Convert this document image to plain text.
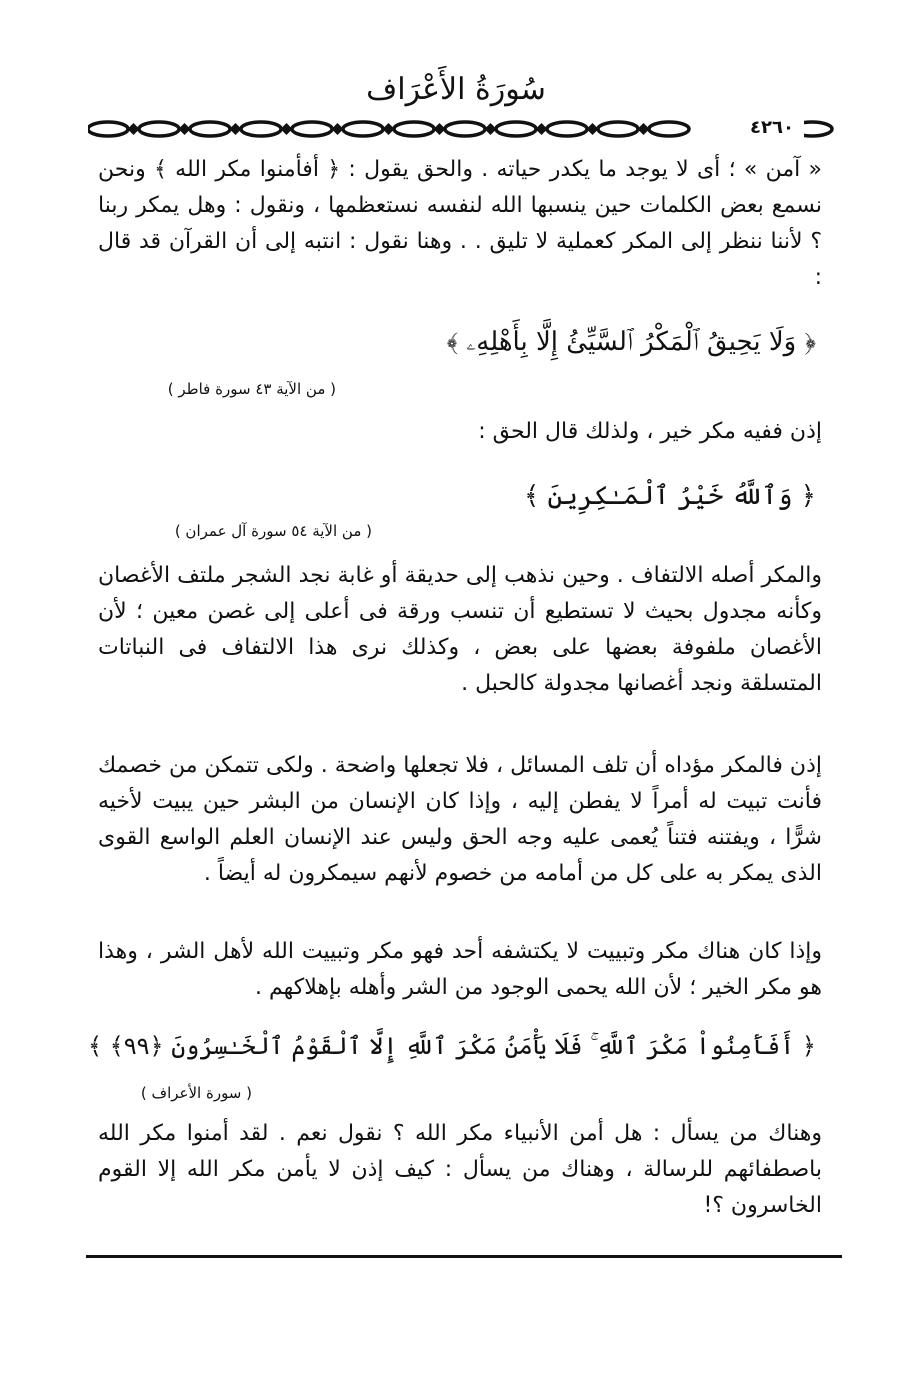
سُورَةُ الأَعْرَاف
٤٢٦٠
« آمن » ؛ أى لا يوجد ما يكدر حياته . والحق يقول : ﴿ أفأمنوا مكر الله ﴾ ونحن نسمع بعض الكلمات حين ينسبها الله لنفسه نستعظمها ، ونقول : وهل يمكر ربنا ؟ لأننا ننظر إلى المكر كعملية لا تليق . . وهنا نقول : انتبه إلى أن القرآن قد قال :
﴿ وَلَا يَحِيقُ ٱلْمَكْرُ ٱلسَّيِّئُ إِلَّا بِأَهْلِهِۦ ﴾
( من الآية ٤٣ سورة فاطر )
إذن ففيه مكر خير ، ولذلك قال الحق :
﴿ وَٱللَّهُ خَيْرُ ٱلْمَـٰكِرِينَ ﴾
( من الآية ٥٤ سورة آل عمران )
والمكر أصله الالتفاف . وحين نذهب إلى حديقة أو غابة نجد الشجر ملتف الأغصان وكأنه مجدول بحيث لا تستطيع أن تنسب ورقة فى أعلى إلى غصن معين ؛ لأن الأغصان ملفوفة بعضها على بعض ، وكذلك نرى هذا الالتفاف فى النباتات المتسلقة ونجد أغصانها مجدولة كالحبل .
إذن فالمكر مؤداه أن تلف المسائل ، فلا تجعلها واضحة . ولكى تتمكن من خصمك فأنت تبيت له أمراً لا يفطن إليه ، وإذا كان الإنسان من البشر حين يبيت لأخيه شرًّا ، ويفتنه فتناً يُعمى عليه وجه الحق وليس عند الإنسان العلم الواسع القوى الذى يمكر به على كل من أمامه من خصوم لأنهم سيمكرون له أيضاً .
وإذا كان هناك مكر وتبييت لا يكتشفه أحد فهو مكر وتبييت الله لأهل الشر ، وهذا هو مكر الخير ؛ لأن الله يحمى الوجود من الشر وأهله بإهلاكهم .
﴿ أَفَأَمِنُواْ مَكْرَ ٱللَّهِ ۚ فَلَا يَأْمَنُ مَكْرَ ٱللَّهِ إِلَّا ٱلْقَوْمُ ٱلْخَـٰسِرُونَ ﴿٩٩﴾ ﴾
( سورة الأعراف )
وهناك من يسأل : هل أمن الأنبياء مكر الله ؟ نقول نعم . لقد أمنوا مكر الله باصطفائهم للرسالة ، وهناك من يسأل : كيف إذن لا يأمن مكر الله إلا القوم الخاسرون ؟!
